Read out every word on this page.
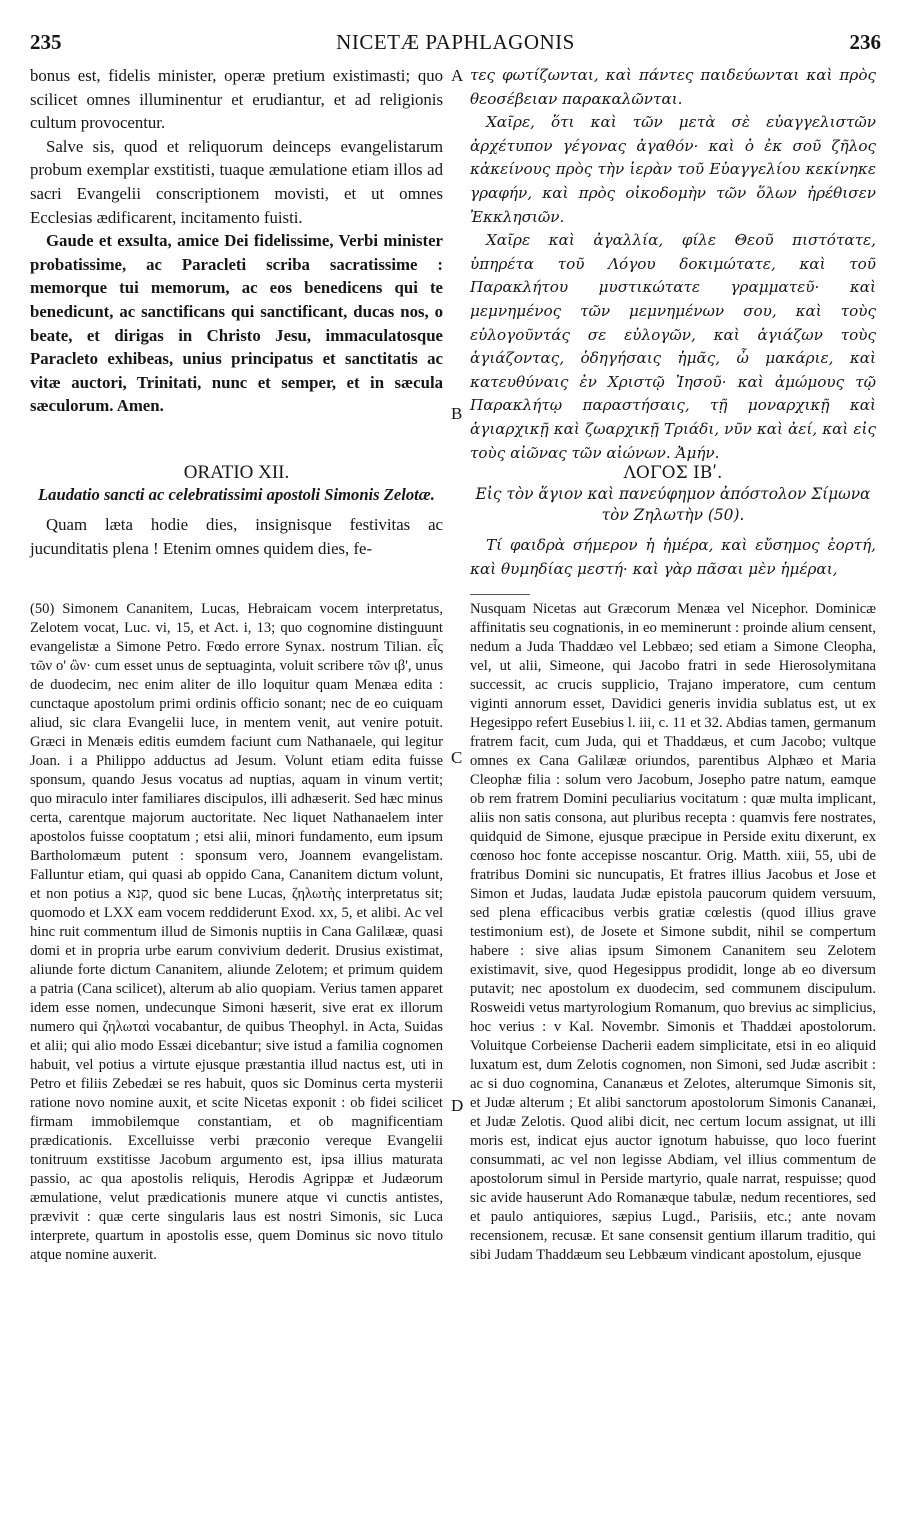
235	NICETÆ PAPHLAGONIS	236
A
B
C
D

bonus est, fidelis minister, operæ pretium existimasti; quo scilicet omnes illuminentur et erudiantur, et ad religionis cultum provocentur.

Salve sis, quod et reliquorum deinceps evangelistarum probum exemplar exstitisti, tuaque æmulatione etiam illos ad sacri Evangelii conscriptionem movisti, et ut omnes Ecclesias ædificarent, incitamento fuisti.

Gaude et exsulta, amice Dei fidelissime, Verbi minister probatissime, ac Paracleti scriba sacratissime : memorque tui memorum, ac eos benedicens qui te benedicunt, ac sanctificans qui sanctificant, ducas nos, o beate, et dirigas in Christo Jesu, immaculatosque Paracleto exhibeas, unius principatus et sanctitatis ac vitæ auctori, Trinitati, nunc et semper, et in sæcula sæculorum. Amen.

τες φωτίζωνται, καὶ πάντες παιδεύωνται καὶ πρὸς θεοσέβειαν παρακαλῶνται.

Χαῖρε, ὅτι καὶ τῶν μετὰ σὲ εὐαγγελιστῶν ἀρχέτυπον γέγονας ἀγαθόν· καὶ ὁ ἐκ σοῦ ζῆλος κἀκείνους πρὸς τὴν ἱερὰν τοῦ Εὐαγγελίου κεκίνηκε γραφήν, καὶ πρὸς οἰκοδομὴν τῶν ὅλων ἠρέθισεν Ἐκκλησιῶν.

Χαῖρε καὶ ἀγαλλία, φίλε Θεοῦ πιστότατε, ὑπηρέτα τοῦ Λόγου δοκιμώτατε, καὶ τοῦ Παρακλήτου μυστικώτατε γραμματεῦ· καὶ μεμνημένος τῶν μεμνημένων σου, καὶ τοὺς εὐλογοῦντάς σε εὐλογῶν, καὶ ἁγιάζων τοὺς ἁγιάζοντας, ὁδηγήσαις ἡμᾶς, ὦ μακάριε, καὶ κατευθύναις ἐν Χριστῷ Ἰησοῦ· καὶ ἀμώμους τῷ Παρακλήτῳ παραστήσαις, τῇ μοναρχικῇ καὶ ἁγιαρχικῇ καὶ ζωαρχικῇ Τριάδι, νῦν καὶ ἀεί, καὶ εἰς τοὺς αἰῶνας τῶν αἰώνων. Ἀμήν.

ORATIO XII.
Laudatio sancti ac celebratissimi apostoli Simonis Zelotæ.

Quam læta hodie dies, insignisque festivitas ac jucunditatis plena ! Etenim omnes quidem dies, fe-

ΛΟΓΟΣ ΙΒʹ.
Εἰς τὸν ἅγιον καὶ πανεύφημον ἀπόστολον Σίμωνα τὸν Ζηλωτὴν (50).

Τί φαιδρὰ σήμερον ἡ ἡμέρα, καὶ εὔσημος ἑορτή, καὶ θυμηδίας μεστή· καὶ γὰρ πᾶσαι μὲν ἡμέραι,

(50) Simonem Cananitem, Lucas, Hebraicam vocem interpretatus, Zelotem vocat, Luc. vi, 15, et Act. i, 13; quo cognomine distinguunt evangelistæ a Simone Petro. Fœdo errore Synax. nostrum Tilian. εἷς τῶν ο' ὢν· cum esset unus de septuaginta, voluit scribere τῶν ιβ', unus de duodecim, nec enim aliter de illo loquitur quam Menæa edita : cunctaque apostolum primi ordinis officio sonant; nec de eo cuiquam aliud, sic clara Evangelii luce, in mentem venit, aut venire potuit. Græci in Menæis editis eumdem faciunt cum Nathanaele, qui legitur Joan. i a Philippo adductus ad Jesum. Volunt etiam edita fuisse sponsum, quando Jesus vocatus ad nuptias, aquam in vinum vertit; quo miraculo inter familiares discipulos, illi adhæserit. Sed hæc minus certa, carentque majorum auctoritate. Nec liquet Nathanaelem inter apostolos fuisse cooptatum ; etsi alii, minori fundamento, eum ipsum Bartholomæum putent : sponsum vero, Joannem evangelistam. Falluntur etiam, qui quasi ab oppido Cana, Cananitem dictum volunt, et non potius a קנא, quod sic bene Lucas, ζηλωτὴς interpretatus sit; quomodo et LXX eam vocem reddiderunt Exod. xx, 5, et alibi. Ac vel hinc ruit commentum illud de Simonis nuptiis in Cana Galilææ, quasi domi et in propria urbe earum convivium dederit. Drusius existimat, aliunde forte dictum Cananitem, aliunde Zelotem; et primum quidem a patria (Cana scilicet), alterum ab alio quopiam. Verius tamen apparet idem esse nomen, undecunque Simoni hæserit, sive erat ex illorum numero qui ζηλωταὶ vocabantur, de quibus Theophyl. in Acta, Suidas et alii; qui alio modo Essæi dicebantur; sive istud a familia cognomen habuit, vel potius a virtute ejusque præstantia illud nactus est, uti in Petro et filiis Zebedæi se res habuit, quos sic Dominus certa mysterii ratione novo nomine auxit, et scite Nicetas exponit : ob fidei scilicet firmam immobilemque constantiam, et ob magnificentiam prædicationis. Excelluisse verbi præconio vereque Evangelii tonitruum exstitisse Jacobum argumento est, ipsa illius maturata passio, ac qua apostolis reliquis, Herodis Agrippæ et Judæorum æmulatione, velut prædicationis munere atque vi cunctis antistes, prævivit : quæ certe singularis laus est nostri Simonis, sic Luca interprete, quartum in apostolis esse, quem Dominus sic novo titulo atque nomine auxerit.

Nusquam Nicetas aut Græcorum Menæa vel Nicephor. Dominicæ affinitatis seu cognationis, in eo meminerunt : proinde alium censent, nedum a Juda Thaddæo vel Lebbæo; sed etiam a Simone Cleopha, vel, ut alii, Simeone, qui Jacobo fratri in sede Hierosolymitana successit, ac crucis supplicio, Trajano imperatore, cum centum viginti annorum esset, Davidici generis invidia sublatus est, ut ex Hegesippo refert Eusebius l. iii, c. 11 et 32. Abdias tamen, germanum fratrem facit, cum Juda, qui et Thaddæus, et cum Jacobo; vultque omnes ex Cana Galilææ oriundos, parentibus Alphæo et Maria Cleophæ filia : solum vero Jacobum, Josepho patre natum, eamque ob rem fratrem Domini peculiarius vocitatum : quæ multa implicant, aliis non satis consona, aut pluribus recepta : quamvis fere nostrates, quidquid de Simone, ejusque præcipue in Perside exitu dixerunt, ex cœnoso hoc fonte accepisse noscantur. Orig. Matth. xiii, 55, ubi de fratribus Domini sic nuncupatis, Et fratres illius Jacobus et Jose et Simon et Judas, laudata Judæ epistola paucorum quidem versuum, sed plena efficacibus verbis gratiæ cœlestis (quod illius grave testimonium est), de Josete et Simone subdit, nihil se compertum habere : sive alias ipsum Simonem Cananitem seu Zelotem existimavit, sive, quod Hegesippus prodidit, longe ab eo diversum putavit; nec apostolum ex duodecim, sed communem discipulum. Rosweidi vetus martyrologium Romanum, quo brevius ac simplicius, hoc verius : v Kal. Novembr. Simonis et Thaddæi apostolorum. Voluitque Corbeiense Dacherii eadem simplicitate, etsi in eo aliquid luxatum est, dum Zelotis cognomen, non Simoni, sed Judæ ascribit : ac si duo cognomina, Cananæus et Zelotes, alterumque Simonis sit, et Judæ alterum ; Et alibi sanctorum apostolorum Simonis Cananæi, et Judæ Zelotis. Quod alibi dicit, nec certum locum assignat, ut illi moris est, indicat ejus auctor ignotum habuisse, quo loco fuerint consummati, ac vel non legisse Abdiam, vel illius commentum de apostolorum simul in Perside martyrio, quale narrat, respuisse; quod sic avide hauserunt Ado Romanæque tabulæ, nedum recentiores, sed et paulo antiquiores, sæpius Lugd., Parisiis, etc.; ante novam recensionem, recusæ. Et sane consensit gentium illarum traditio, qui sibi Judam Thaddæum seu Lebbæum vindicant apostolum, ejusque
